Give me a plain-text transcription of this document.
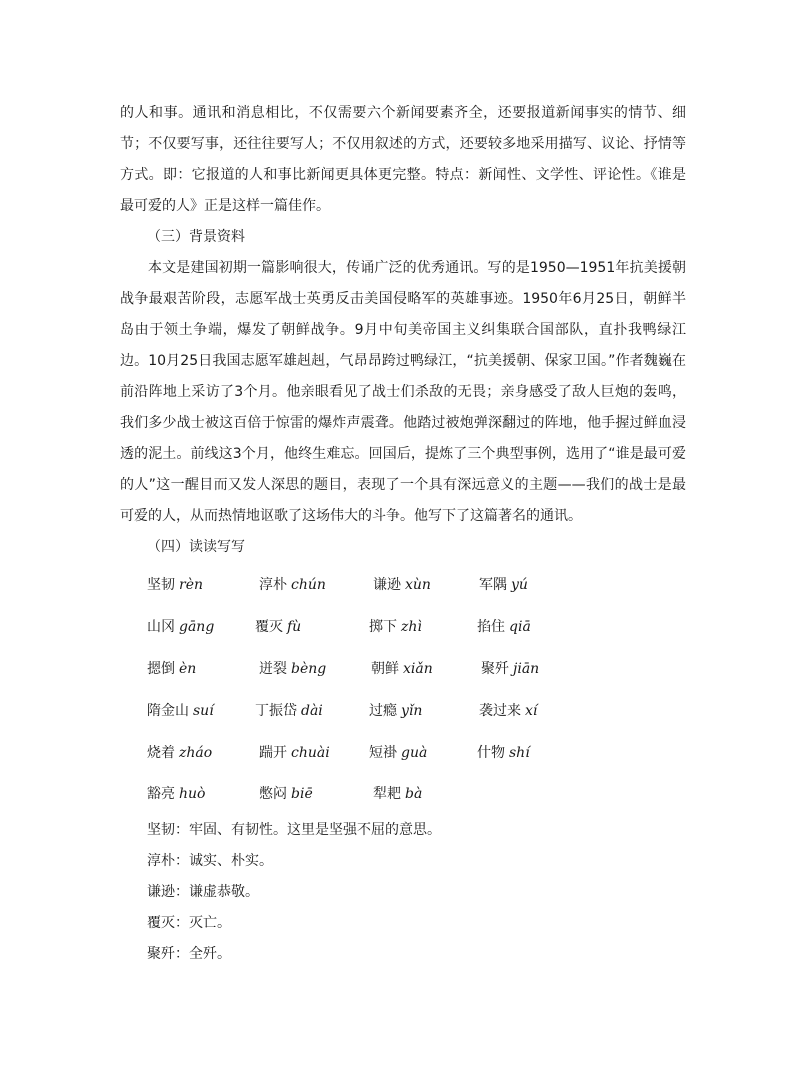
的人和事。通讯和消息相比，不仅需要六个新闻要素齐全，还要报道新闻事实的情节、细节；不仅要写事，还往往要写人；不仅用叙述的方式，还要较多地采用描写、议论、抒情等方式。即：它报道的人和事比新闻更具体更完整。特点：新闻性、文学性、评论性。《谁是最可爱的人》正是这样一篇佳作。

（三）背景资料

本文是建国初期一篇影响很大，传诵广泛的优秀通讯。写的是1950—1951年抗美援朝战争最艰苦阶段，志愿军战士英勇反击美国侵略军的英雄事迹。1950年6月25日，朝鲜半岛由于领土争端，爆发了朝鲜战争。9月中旬美帝国主义纠集联合国部队，直扑我鸭绿江边。10月25日我国志愿军雄赳赳，气昂昂跨过鸭绿江，“抗美援朝、保家卫国。”作者魏巍在前沿阵地上采访了3个月。他亲眼看见了战士们杀敌的无畏；亲身感受了敌人巨炮的轰鸣，我们多少战士被这百倍于惊雷的爆炸声震聋。他踏过被炮弹深翻过的阵地，他手握过鲜血浸透的泥土。前线这3个月，他终生难忘。回国后，提炼了三个典型事例，选用了“谁是最可爱的人”这一醒目而又发人深思的题目，表现了一个具有深远意义的主题——我们的战士是最可爱的人，从而热情地讴歌了这场伟大的斗争。他写下了这篇著名的通讯。

（四）读读写写

坚韧 rèn	淳朴 chún	谦逊 xùn	军隅 yú
山冈 gāng	覆灭 fù	掷下 zhì	掐住 qiā
摁倒 èn	迸裂 bèng	朝鲜 xiǎn	聚歼 jiān
隋金山 suí	丁振岱 dài	过瘾 yǐn	袭过来 xí
烧着 zháo	踹开 chuài	短褂 guà	什物 shí
豁亮 huò	憋闷 biē	犁耙 bà

坚韧：牢固、有韧性。这里是坚强不屈的意思。

淳朴：诚实、朴实。

谦逊：谦虚恭敬。

覆灭：灭亡。

聚歼：全歼。
